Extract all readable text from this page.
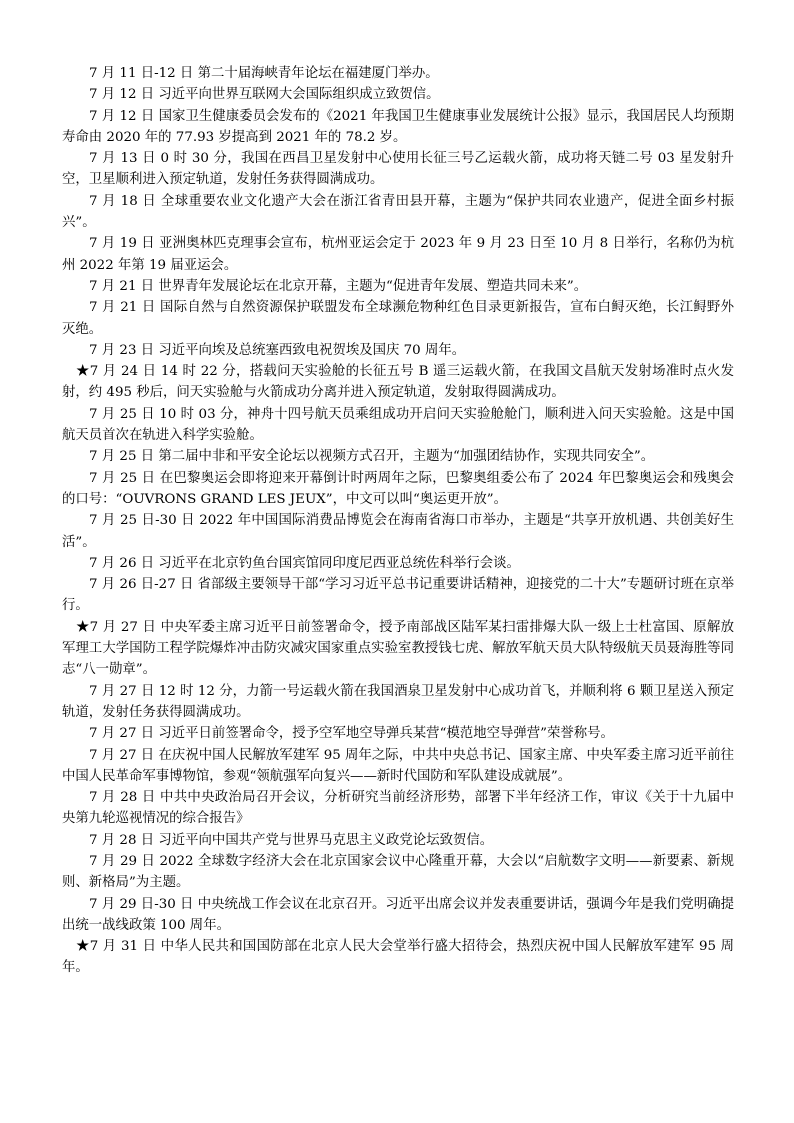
7 月 11 日-12 日 第二十届海峡青年论坛在福建厦门举办。

7 月 12 日 习近平向世界互联网大会国际组织成立致贺信。

7 月 12 日 国家卫生健康委员会发布的《2021 年我国卫生健康事业发展统计公报》显示，我国居民人均预期寿命由 2020 年的 77.93 岁提高到 2021 年的 78.2 岁。

7 月 13 日 0 时 30 分，我国在西昌卫星发射中心使用长征三号乙运载火箭，成功将天链二号 03 星发射升空，卫星顺利进入预定轨道，发射任务获得圆满成功。

7 月 18 日 全球重要农业文化遗产大会在浙江省青田县开幕，主题为“保护共同农业遗产，促进全面乡村振兴”。

7 月 19 日 亚洲奥林匹克理事会宣布，杭州亚运会定于 2023 年 9 月 23 日至 10 月 8 日举行，名称仍为杭州 2022 年第 19 届亚运会。

7 月 21 日 世界青年发展论坛在北京开幕，主题为“促进青年发展、塑造共同未来”。

7 月 21 日 国际自然与自然资源保护联盟发布全球濒危物种红色目录更新报告，宣布白鲟灭绝，长江鲟野外灭绝。

7 月 23 日 习近平向埃及总统塞西致电祝贺埃及国庆 70 周年。

★7 月 24 日 14 时 22 分，搭载问天实验舱的长征五号 B 遥三运载火箭，在我国文昌航天发射场准时点火发射，约 495 秒后，问天实验舱与火箭成功分离并进入预定轨道，发射取得圆满成功。

7 月 25 日 10 时 03 分，神舟十四号航天员乘组成功开启问天实验舱舱门，顺利进入问天实验舱。这是中国航天员首次在轨进入科学实验舱。

7 月 25 日 第二届中非和平安全论坛以视频方式召开，主题为“加强团结协作，实现共同安全”。

7 月 25 日 在巴黎奥运会即将迎来开幕倒计时两周年之际，巴黎奥组委公布了 2024 年巴黎奥运会和残奥会的口号：“OUVRONS GRAND LES JEUX”，中文可以叫“奥运更开放”。

7 月 25 日-30 日 2022 年中国国际消费品博览会在海南省海口市举办，主题是“共享开放机遇、共创美好生活”。

7 月 26 日 习近平在北京钓鱼台国宾馆同印度尼西亚总统佐科举行会谈。

7 月 26 日-27 日 省部级主要领导干部“学习习近平总书记重要讲话精神，迎接党的二十大”专题研讨班在京举行。

★7 月 27 日 中央军委主席习近平日前签署命令，授予南部战区陆军某扫雷排爆大队一级上士杜富国、原解放军理工大学国防工程学院爆炸冲击防灾减灾国家重点实验室教授钱七虎、解放军航天员大队特级航天员聂海胜等同志“八一勋章”。

7 月 27 日 12 时 12 分，力箭一号运载火箭在我国酒泉卫星发射中心成功首飞，并顺利将 6 颗卫星送入预定轨道，发射任务获得圆满成功。

7 月 27 日 习近平日前签署命令，授予空军地空导弹兵某营“模范地空导弹营”荣誉称号。

7 月 27 日 在庆祝中国人民解放军建军 95 周年之际，中共中央总书记、国家主席、中央军委主席习近平前往中国人民革命军事博物馆，参观“领航强军向复兴——新时代国防和军队建设成就展”。

7 月 28 日 中共中央政治局召开会议，分析研究当前经济形势，部署下半年经济工作，审议《关于十九届中央第九轮巡视情况的综合报告》

7 月 28 日 习近平向中国共产党与世界马克思主义政党论坛致贺信。

7 月 29 日 2022 全球数字经济大会在北京国家会议中心隆重开幕，大会以“启航数字文明——新要素、新规则、新格局”为主题。

7 月 29 日-30 日 中央统战工作会议在北京召开。习近平出席会议并发表重要讲话，强调今年是我们党明确提出统一战线政策 100 周年。

★7 月 31 日 中华人民共和国国防部在北京人民大会堂举行盛大招待会，热烈庆祝中国人民解放军建军 95 周年。
